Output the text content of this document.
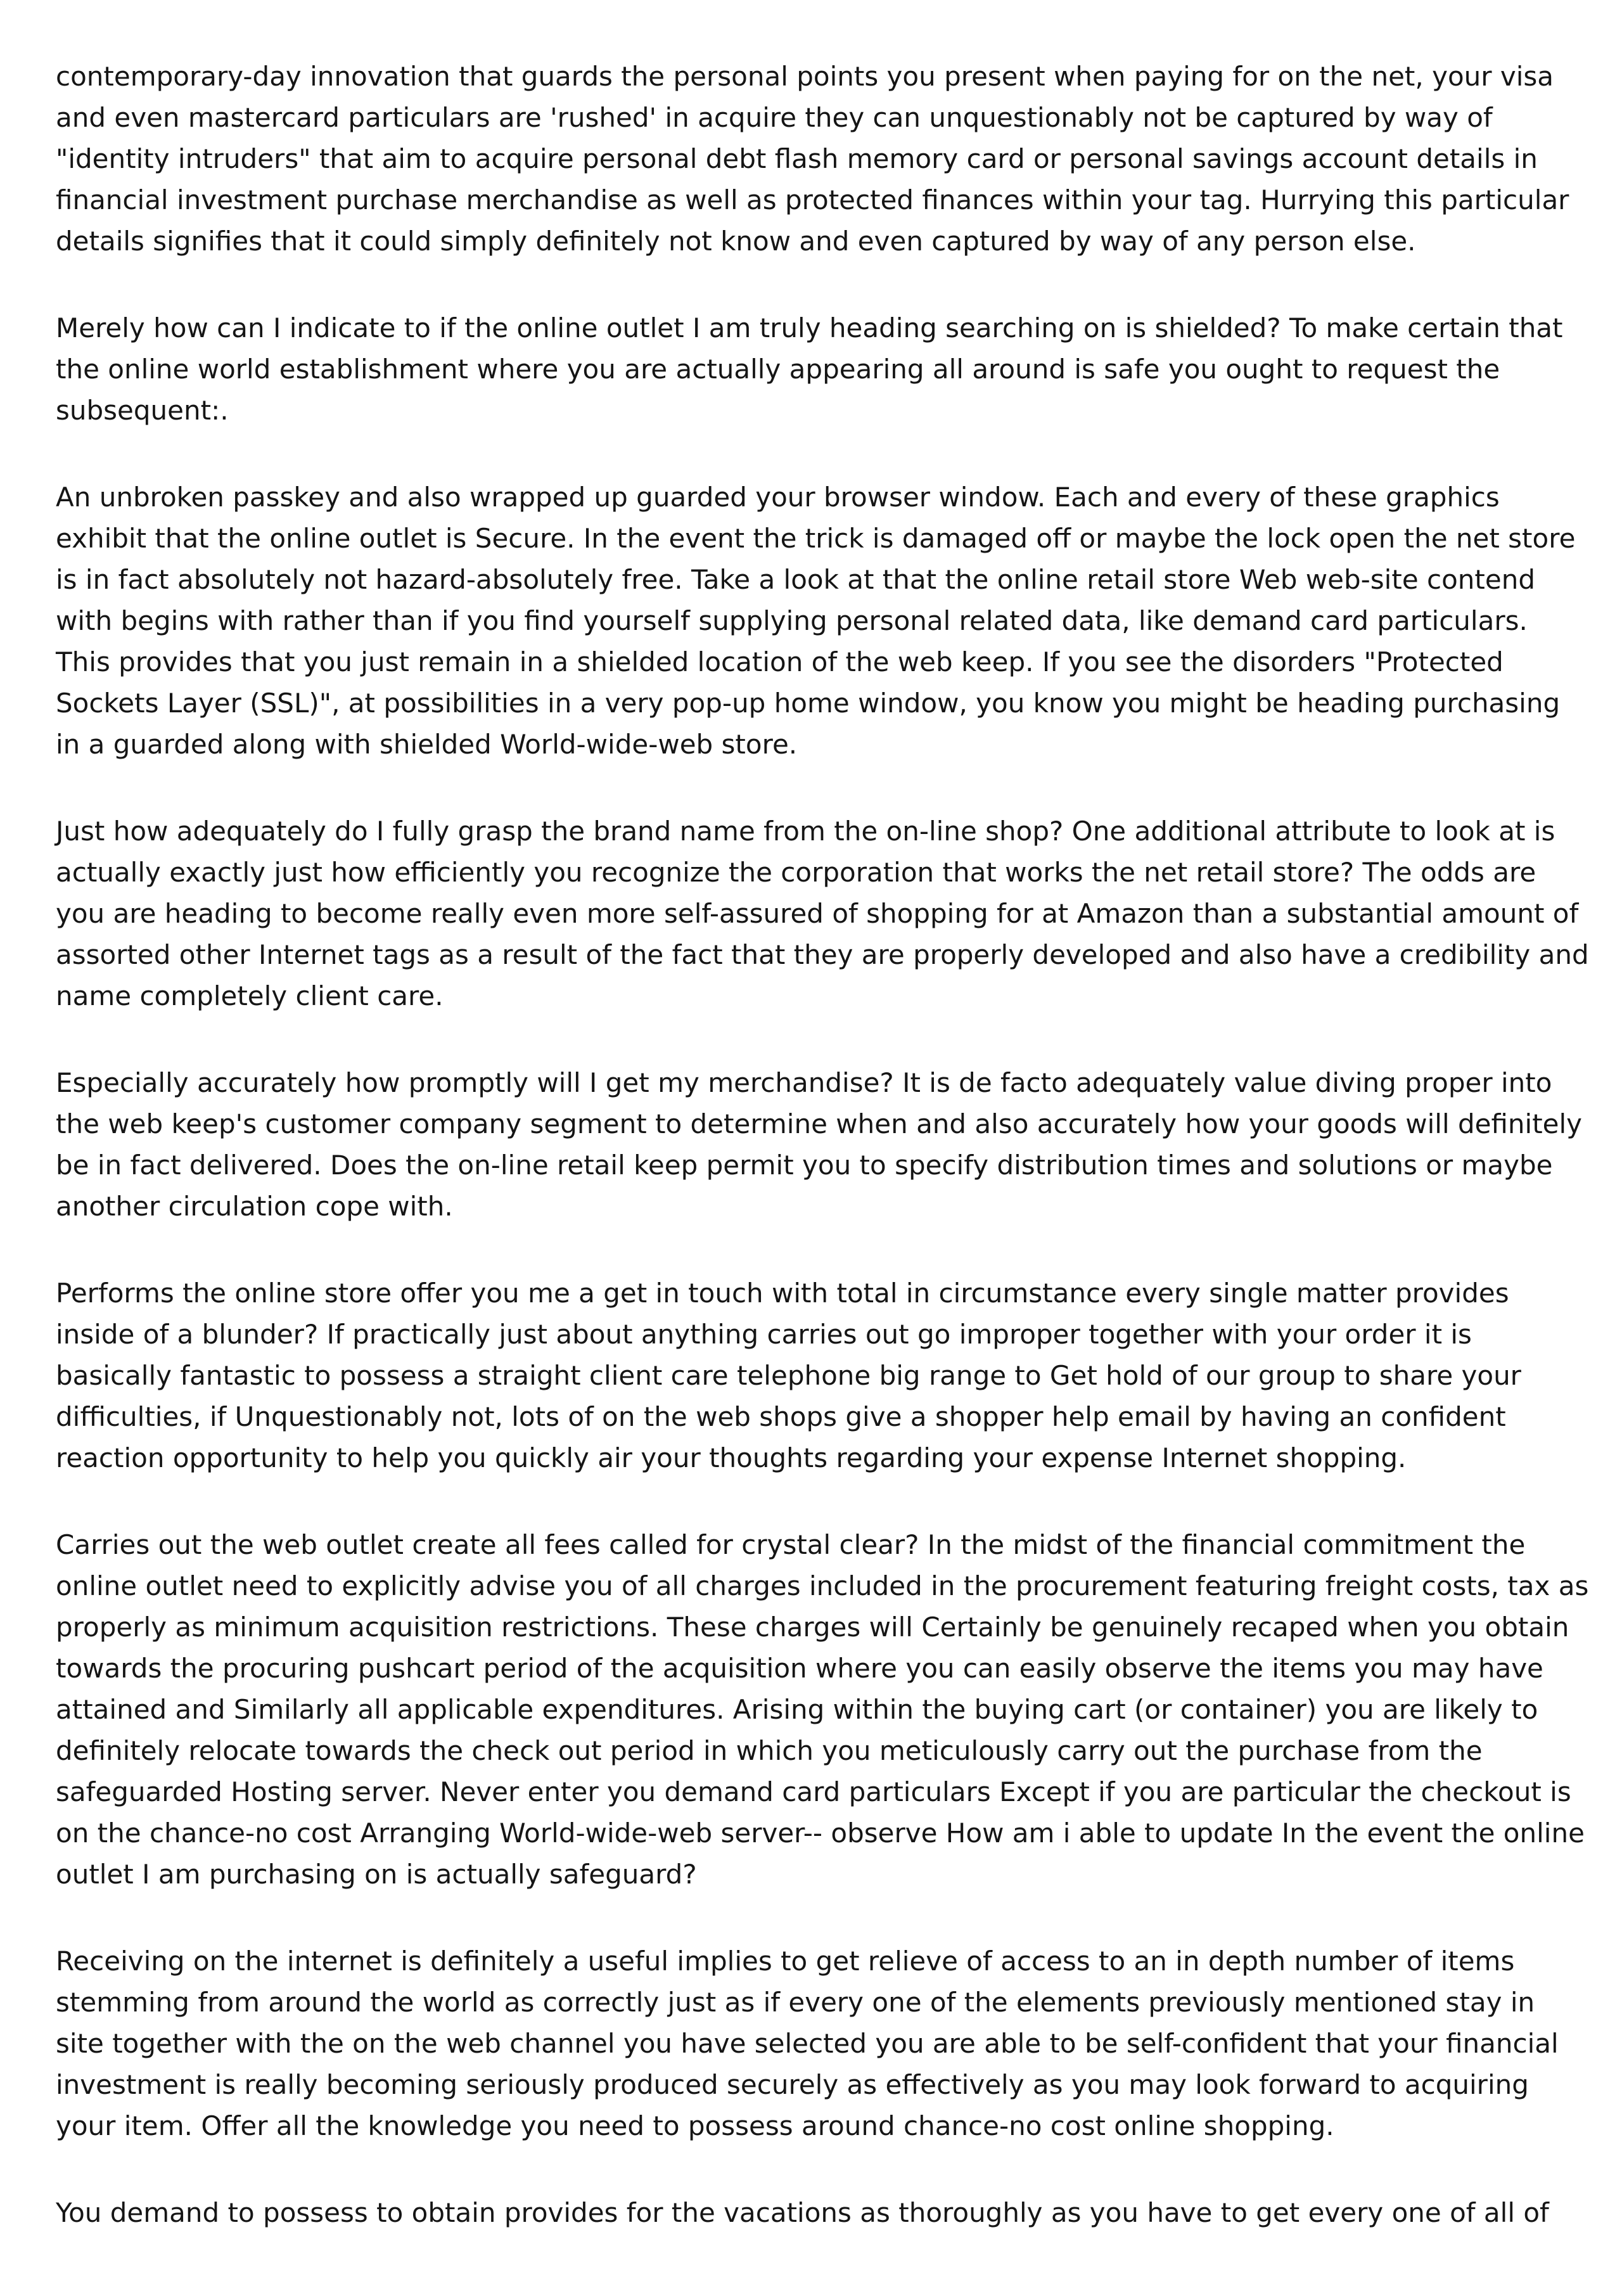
contemporary-day innovation that guards the personal points you present when paying for on the net, your visa and even mastercard particulars are 'rushed' in acquire they can unquestionably not be captured by way of "identity intruders" that aim to acquire personal debt flash memory card or personal savings account details in financial investment purchase merchandise as well as protected finances within your tag. Hurrying this particular details signifies that it could simply definitely not know and even captured by way of any person else.

Merely how can I indicate to if the online outlet I am truly heading searching on is shielded? To make certain that the online world establishment where you are actually appearing all around is safe you ought to request the subsequent:.

An unbroken passkey and also wrapped up guarded your browser window. Each and every of these graphics exhibit that the online outlet is Secure. In the event the trick is damaged off or maybe the lock open the net store is in fact absolutely not hazard-absolutely free. Take a look at that the online retail store Web web-site contend with begins with rather than if you find yourself supplying personal related data, like demand card particulars. This provides that you just remain in a shielded location of the web keep. If you see the disorders "Protected Sockets Layer (SSL)", at possibilities in a very pop-up home window, you know you might be heading purchasing in a guarded along with shielded World-wide-web store.

Just how adequately do I fully grasp the brand name from the on-line shop? One additional attribute to look at is actually exactly just how efficiently you recognize the corporation that works the net retail store? The odds are you are heading to become really even more self-assured of shopping for at Amazon than a substantial amount of assorted other Internet tags as a result of the fact that they are properly developed and also have a credibility and name completely client care.

Especially accurately how promptly will I get my merchandise? It is de facto adequately value diving proper into the web keep's customer company segment to determine when and also accurately how your goods will definitely be in fact delivered. Does the on-line retail keep permit you to specify distribution times and solutions or maybe another circulation cope with.

Performs the online store offer you me a get in touch with total in circumstance every single matter provides inside of a blunder? If practically just about anything carries out go improper together with your order it is basically fantastic to possess a straight client care telephone big range to Get hold of our group to share your difficulties, if Unquestionably not, lots of on the web shops give a shopper help email by having an confident reaction opportunity to help you quickly air your thoughts regarding your expense Internet shopping.

Carries out the web outlet create all fees called for crystal clear? In the midst of the financial commitment the online outlet need to explicitly advise you of all charges included in the procurement featuring freight costs, tax as properly as minimum acquisition restrictions. These charges will Certainly be genuinely recaped when you obtain towards the procuring pushcart period of the acquisition where you can easily observe the items you may have attained and Similarly all applicable expenditures. Arising within the buying cart (or container) you are likely to definitely relocate towards the check out period in which you meticulously carry out the purchase from the safeguarded Hosting server. Never enter you demand card particulars Except if you are particular the checkout is on the chance-no cost Arranging World-wide-web server-- observe How am i able to update In the event the online outlet I am purchasing on is actually safeguard?

Receiving on the internet is definitely a useful implies to get relieve of access to an in depth number of items stemming from around the world as correctly just as if every one of the elements previously mentioned stay in site together with the on the web channel you have selected you are able to be self-confident that your financial investment is really becoming seriously produced securely as effectively as you may look forward to acquiring your item. Offer all the knowledge you need to possess around chance-no cost online shopping.

You demand to possess to obtain provides for the vacations as thoroughly as you have to get every one of all of
